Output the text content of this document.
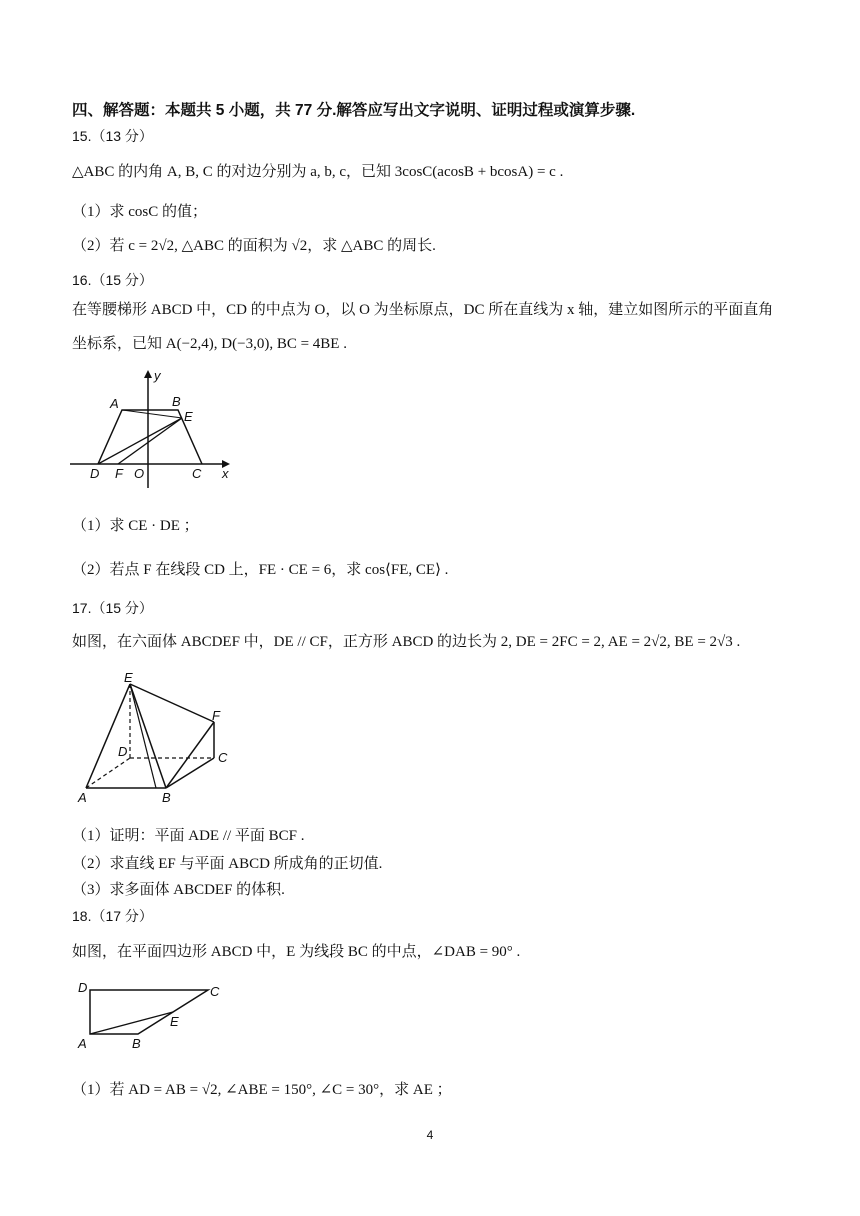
四、解答题：本题共 5 小题，共 77 分.解答应写出文字说明、证明过程或演算步骤.
15.（13 分）
△ABC 的内角 A, B, C 的对边分别为 a, b, c，已知 3cosC(acosB + bcosA) = c .
（1）求 cosC 的值；
（2）若 c = 2√2, △ABC 的面积为 √2，求 △ABC 的周长.
16.（15 分）
在等腰梯形 ABCD 中，CD 的中点为 O，以 O 为坐标原点，DC 所在直线为 x 轴，建立如图所示的平面直角
坐标系，已知 A(−2,4), D(−3,0), BC = 4BE .
A	B
E
D F O	C x
y
（1）求 CE · DE ；
（2）若点 F 在线段 CD 上，FE · CE = 6，求 cos⟨FE, CE⟩ .
17.（15 分）
如图，在六面体 ABCDEF 中，DE // CF，正方形 ABCD 的边长为 2, DE = 2FC = 2, AE = 2√2, BE = 2√3 .
E
F
D	C
A	B
（1）证明：平面 ADE // 平面 BCF .
（2）求直线 EF 与平面 ABCD 所成角的正切值.
（3）求多面体 ABCDEF 的体积.
18.（17 分）
如图，在平面四边形 ABCD 中，E 为线段 BC 的中点，∠DAB = 90° .
D	C
E
A	B
（1）若 AD = AB = √2, ∠ABE = 150°, ∠C = 30°，求 AE ；
4
